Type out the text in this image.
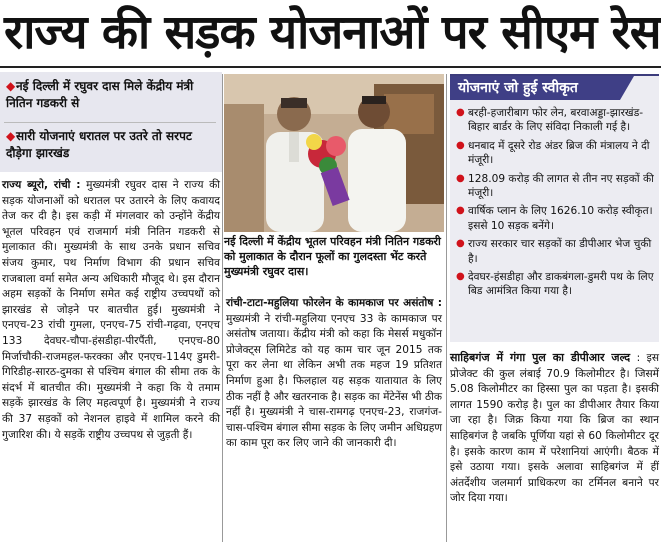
राज्य की सड़क योजनाओं पर सीएम रेस
◆नई दिल्ली में रघुवर दास मिले केंद्रीय मंत्री नितिन गडकरी से
◆सारी योजनाएं धरातल पर उतरे तो सरपट दौड़ेगा झारखंड
राज्य ब्यूरो, रांची : मुख्यमंत्री रघुवर दास ने राज्य की सड़क योजनाओं को धरातल पर उतारने के लिए कवायद तेज कर दी है। इस कड़ी में मंगलवार को उन्होंने केंद्रीय भूतल परिवहन एवं राजमार्ग मंत्री नितिन गडकरी से मुलाकात की। मुख्यमंत्री के साथ उनके प्रधान सचिव संजय कुमार, पथ निर्माण विभाग की प्रधान सचिव राजबाला वर्मा समेत अन्य अधिकारी मौजूद थे। इस दौरान अहम सड़कों के निर्माण समेत कई राष्ट्रीय उच्चपथों को झारखंड से जोड़ने पर बातचीत हुई। मुख्यमंत्री ने एनएच-23 रांची गुमला, एनएच-75 रांची-गढ़वा, एनएच 133 देवघर-चौपा-हंसडीहा-पीरपैंती, एनएच-80 मिर्जाचौकी-राजमहल-फरक्का और एनएच-114ए डुमरी-गिरिडीह-सारठ-दुमका से पश्चिम बंगाल की सीमा तक के संदर्भ में बातचीत की। मुख्यमंत्री ने कहा कि ये तमाम सड़कें झारखंड के लिए महत्वपूर्ण है। मुख्यमंत्री ने राज्य की 37 सड़कों को नेशनल हाइवे में शामिल करने की गुजारिश की। ये सड़कें राष्ट्रीय उच्चपथ से जुड़ती हैं।
नई दिल्ली में केंद्रीय भूतल परिवहन मंत्री नितिन गडकरी को मुलाकात के दौरान फूलों का गुलदस्ता भेंट करते मुख्यमंत्री रघुवर दास।
रांची-टाटा-महुलिया फोरलेन के कामकाज पर असंतोष : मुख्यमंत्री ने रांची-महुलिया एनएच 33 के कामकाज पर असंतोष जताया। केंद्रीय मंत्री को कहा कि मेसर्स मधुकॉन प्रोजेक्ट्स लिमिटेड को यह काम चार जून 2015 तक पूरा कर लेना था लेकिन अभी तक महज 19 प्रतिशत निर्माण हुआ है। फिलहाल यह सड़क यातायात के लिए ठीक नहीं है और खतरनाक है। सड़क का मेंटेनेंस भी ठीक नहीं है। मुख्यमंत्री ने चास-रामगढ़ एनएच-23, राजगंज-चास-पश्चिम बंगाल सीमा सड़क के लिए जमीन अधिग्रहण का काम पूरा कर लिए जाने की जानकारी दी।
योजनाएं जो हुई स्वीकृत
● बरही-हजारीबाग फोर लेन, बरवाअड्डा-झारखंड-बिहार बार्डर के लिए संविदा निकाली गई है।
● धनबाद में दूसरे रोड अंडर ब्रिज की मंत्रालय ने दी मंजूरी।
● 128.09 करोड़ की लागत से तीन नए सड़कों की मंजूरी।
● वार्षिक प्लान के लिए 1626.10 करोड़ स्वीकृत। इससे 10 सड़क बनेंगे।
● राज्य सरकार चार सड़कों का डीपीआर भेज चुकी है।
● देवघर-हंसडीहा और डाकबंगला-डुमरी पथ के लिए बिड आमंत्रित किया गया है।
साहिबगंज में गंगा पुल का डीपीआर जल्द : इस प्रोजेक्ट की कुल लंबाई 70.9 किलोमीटर है। जिसमें 5.08 किलोमीटर का हिस्सा पुल का पड़ता है। इसकी लागत 1590 करोड़ है। पुल का डीपीआर तैयार किया जा रहा है। जिक्र किया गया कि ब्रिज का स्थान साहिबगंज है जबकि पूर्णिया यहां से 60 किलोमीटर दूर है। इसके कारण काम में परेशानियां आएंगी। बैठक में इसे उठाया गया। इसके अलावा साहिबगंज में हीं अंतर्देशीय जलमार्ग प्राधिकरण का टर्मिनल बनाने पर जोर दिया गया।
